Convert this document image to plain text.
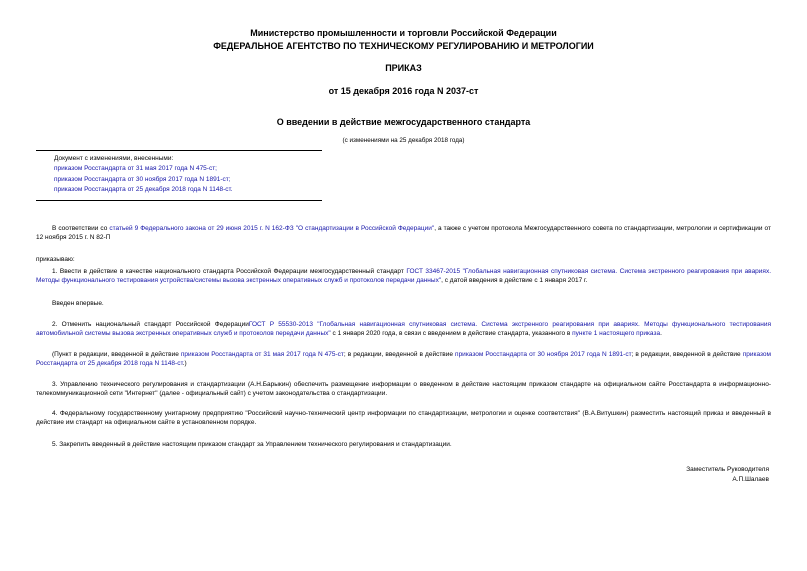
Министерство промышленности и торговли Российской Федерации
ФЕДЕРАЛЬНОЕ АГЕНТСТВО ПО ТЕХНИЧЕСКОМУ РЕГУЛИРОВАНИЮ И МЕТРОЛОГИИ
ПРИКАЗ
от 15 декабря 2016 года N 2037-ст
О введении в действие межгосударственного стандарта
(с изменениями на 25 декабря 2018 года)
Документ с изменениями, внесенными:
приказом Росстандарта от 31 мая 2017 года N 475-ст;
приказом Росстандарта от 30 ноября 2017 года N 1891-ст;
приказом Росстандарта от 25 декабря 2018 года N 1148-ст.
В соответствии со статьей 9 Федерального закона от 29 июня 2015 г. N 162-ФЗ "О стандартизации в Российской Федерации", а также с учетом протокола Межгосударственного совета по стандартизации, метрологии и сертификации от 12 ноября 2015 г. N 82-П
приказываю:
1. Ввести в действие в качестве национального стандарта Российской Федерации межгосударственный стандарт ГОСТ 33467-2015 "Глобальная навигационная спутниковая система. Система экстренного реагирования при авариях. Методы функционального тестирования устройства/системы вызова экстренных оперативных служб и протоколов передачи данных", с датой введения в действие с 1 января 2017 г.
Введен впервые.
2. Отменить национальный стандарт Российской ФедерацииГОСТ Р 55530-2013 "Глобальная навигационная спутниковая система. Система экстренного реагирования при авариях. Методы функционального тестирования автомобильной системы вызова экстренных оперативных служб и протоколов передачи данных" с 1 января 2020 года, в связи с введением в действие стандарта, указанного в пункте 1 настоящего приказа.
(Пункт в редакции, введенной в действие приказом Росстандарта от 31 мая 2017 года N 475-ст; в редакции, введенной в действие приказом Росстандарта от 30 ноября 2017 года N 1891-ст; в редакции, введенной в действие приказом Росстандарта от 25 декабря 2018 года N 1148-ст.)
3. Управлению технического регулирования и стандартизации (А.Н.Барыкин) обеспечить размещение информации о введенном в действие настоящим приказом стандарте на официальном сайте Росстандарта в информационно-телекоммуникационной сети "Интернет" (далее - официальный сайт) с учетом законодательства о стандартизации.
4. Федеральному государственному унитарному предприятию "Российский научно-технический центр информации по стандартизации, метрологии и оценке соответствия" (В.А.Витушкин) разместить настоящий приказ и введенный в действие им стандарт на официальном сайте в установленном порядке.
5. Закрепить введенный в действие настоящим приказом стандарт за Управлением технического регулирования и стандартизации.
Заместитель Руководителя
А.П.Шалаев
